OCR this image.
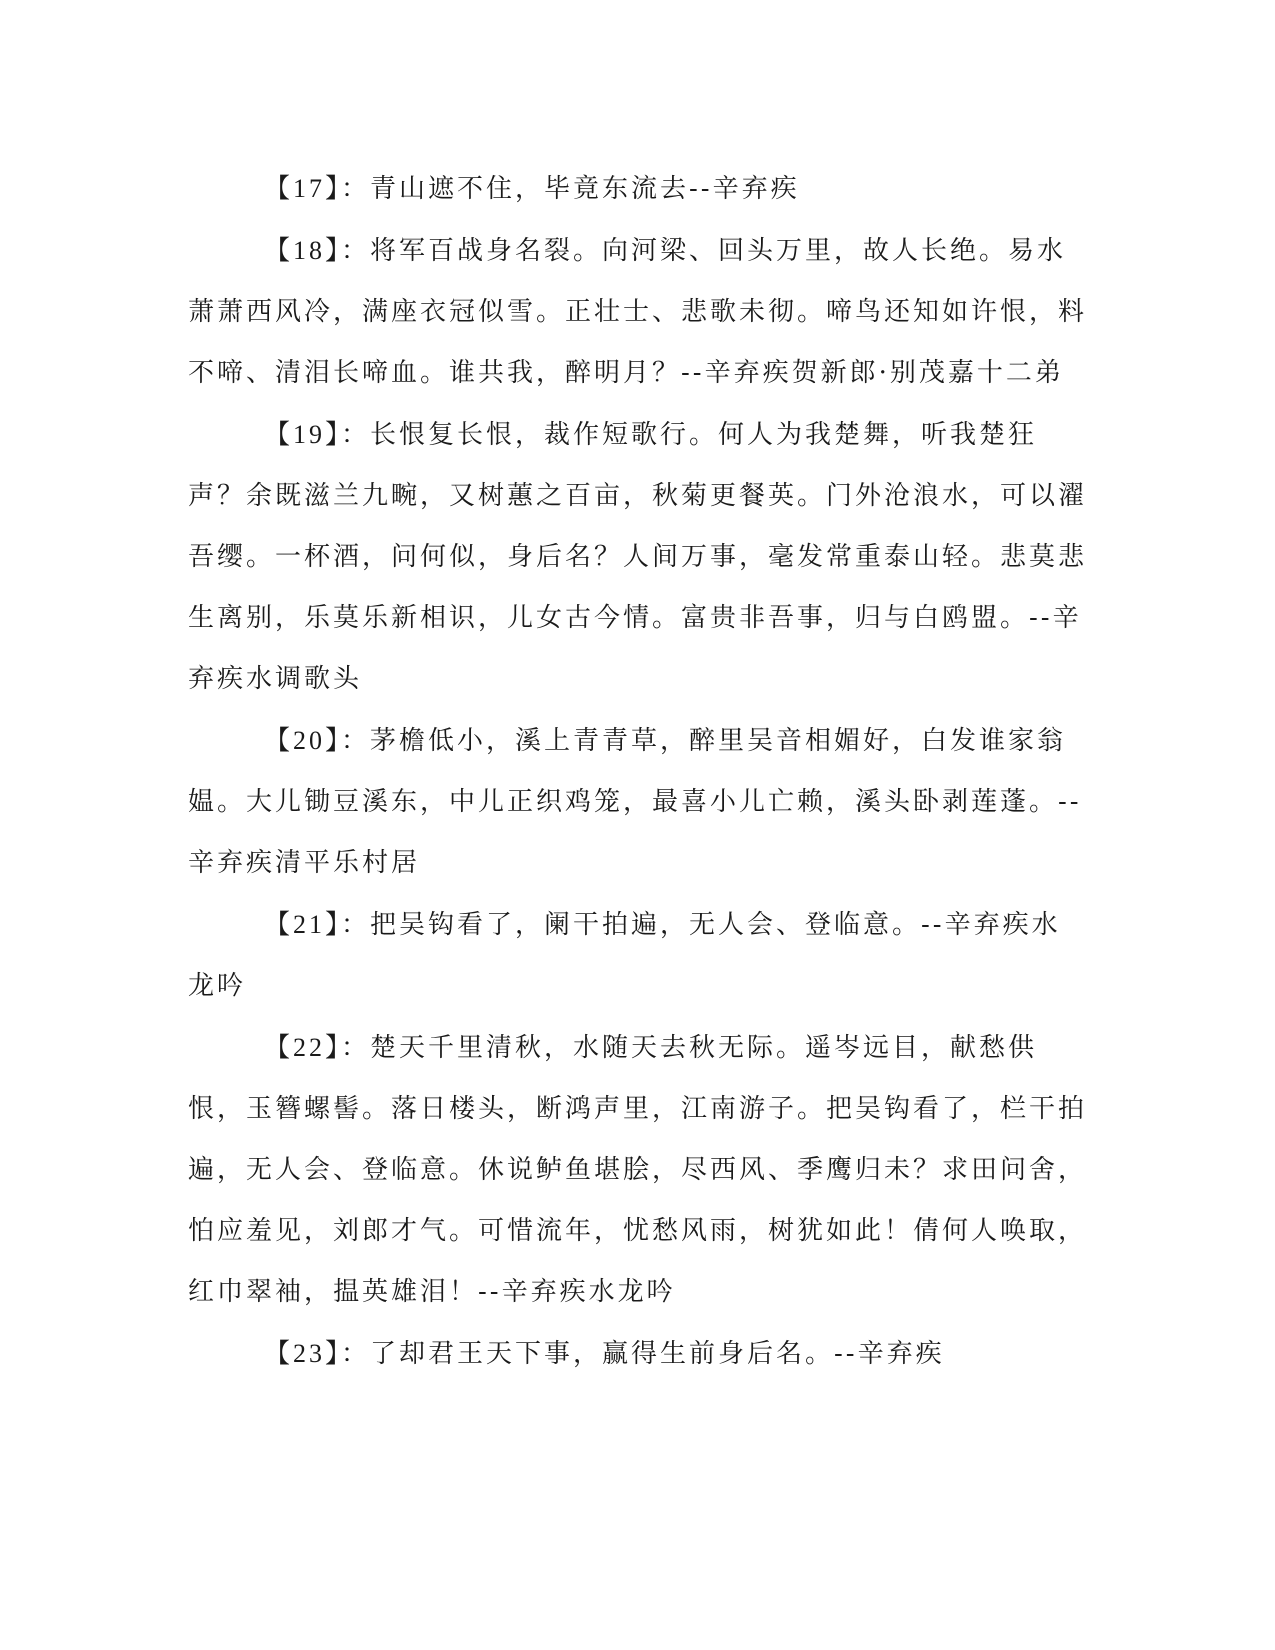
【17】：青山遮不住，毕竟东流去--辛弃疾

【18】：将军百战身名裂。向河梁、回头万里，故人长绝。易水萧萧西风冷，满座衣冠似雪。正壮士、悲歌未彻。啼鸟还知如许恨，料不啼、清泪长啼血。谁共我，醉明月？--辛弃疾贺新郎·别茂嘉十二弟

【19】：长恨复长恨，裁作短歌行。何人为我楚舞，听我楚狂声？余既滋兰九畹，又树蕙之百亩，秋菊更餐英。门外沧浪水，可以濯吾缨。一杯酒，问何似，身后名？人间万事，毫发常重泰山轻。悲莫悲生离别，乐莫乐新相识，儿女古今情。富贵非吾事，归与白鸥盟。--辛弃疾水调歌头

【20】：茅檐低小，溪上青青草，醉里吴音相媚好，白发谁家翁媪。大儿锄豆溪东，中儿正织鸡笼，最喜小儿亡赖，溪头卧剥莲蓬。--辛弃疾清平乐村居

【21】：把吴钩看了，阑干拍遍，无人会、登临意。--辛弃疾水龙吟

【22】：楚天千里清秋，水随天去秋无际。遥岑远目，献愁供恨，玉簪螺髻。落日楼头，断鸿声里，江南游子。把吴钩看了，栏干拍遍，无人会、登临意。休说鲈鱼堪脍，尽西风、季鹰归未？求田问舍，怕应羞见，刘郎才气。可惜流年，忧愁风雨，树犹如此！倩何人唤取，红巾翠袖，揾英雄泪！--辛弃疾水龙吟

【23】：了却君王天下事，赢得生前身后名。--辛弃疾
